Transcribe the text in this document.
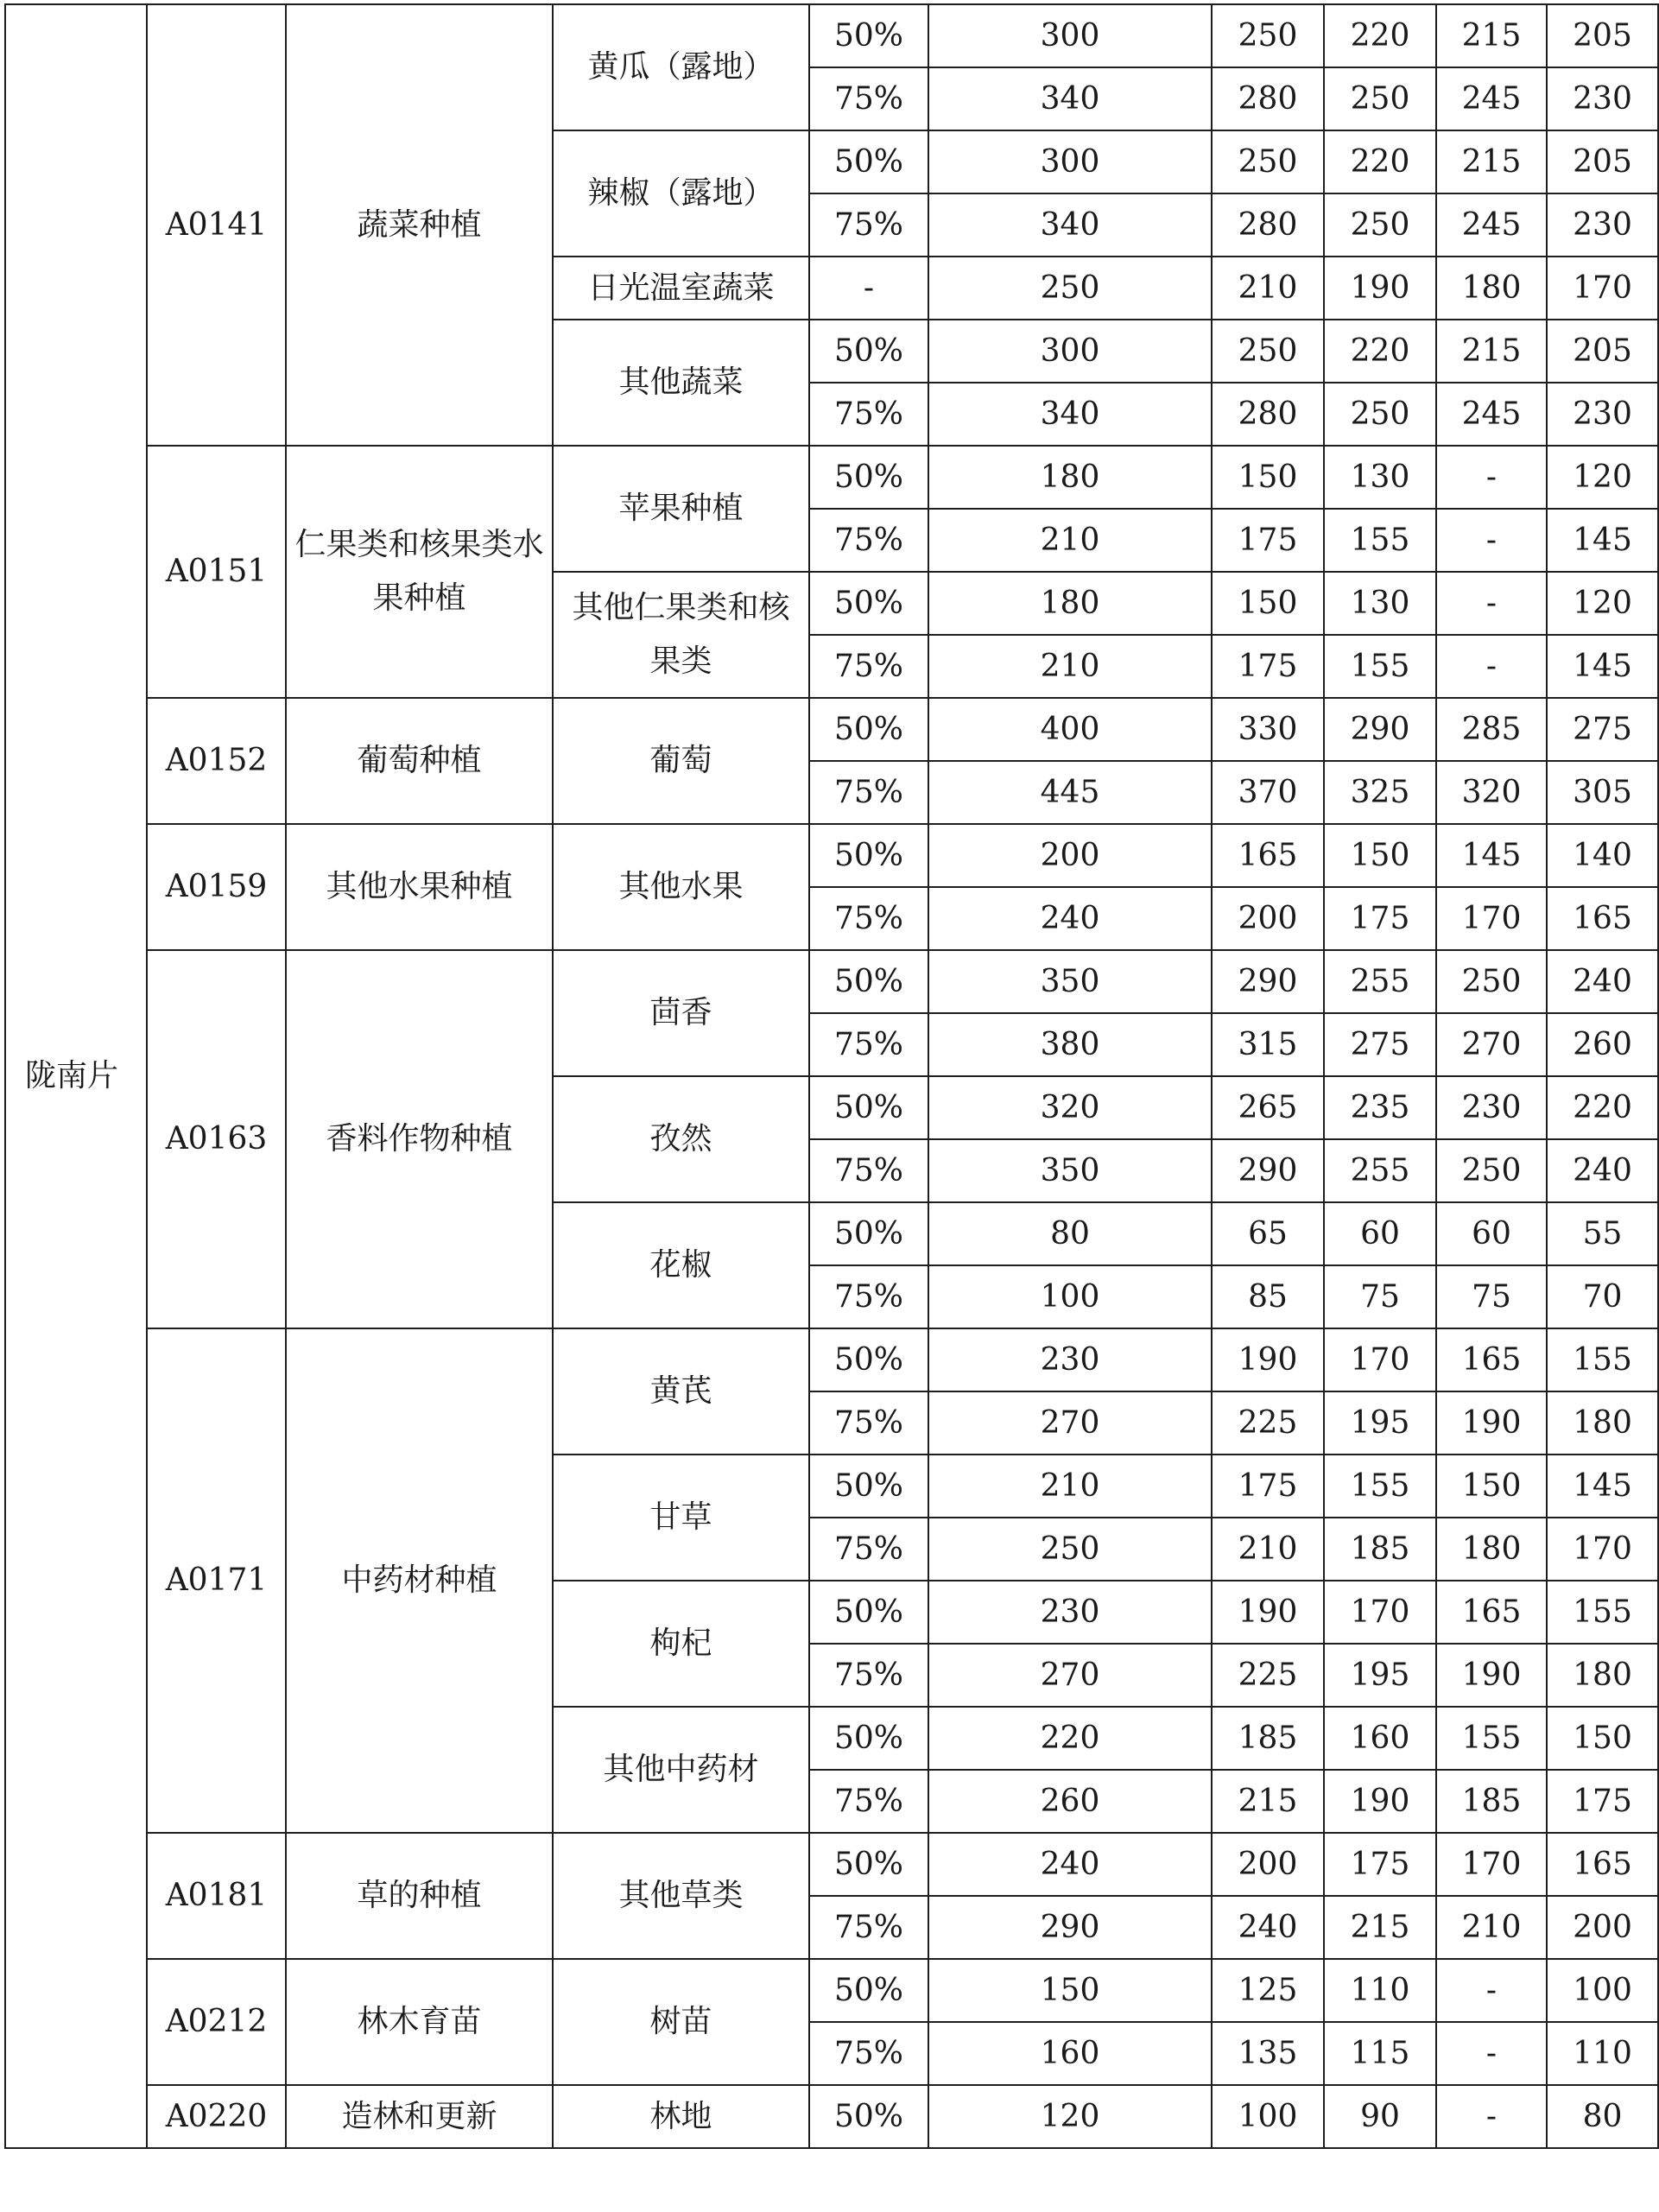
陇南片	A0141	蔬菜种植	黄瓜（露地）	50%	300	250	220	215	205
				75%	340	280	250	245	230
			辣椒（露地）	50%	300	250	220	215	205
				75%	340	280	250	245	230
			日光温室蔬菜	-	250	210	190	180	170
			其他蔬菜	50%	300	250	220	215	205
				75%	340	280	250	245	230
	A0151	仁果类和核果类水果种植	苹果种植	50%	180	150	130	-	120
				75%	210	175	155	-	145
			其他仁果类和核果类	50%	180	150	130	-	120
				75%	210	175	155	-	145
	A0152	葡萄种植	葡萄	50%	400	330	290	285	275
				75%	445	370	325	320	305
	A0159	其他水果种植	其他水果	50%	200	165	150	145	140
				75%	240	200	175	170	165
	A0163	香料作物种植	茴香	50%	350	290	255	250	240
				75%	380	315	275	270	260
			孜然	50%	320	265	235	230	220
				75%	350	290	255	250	240
			花椒	50%	80	65	60	60	55
				75%	100	85	75	75	70
	A0171	中药材种植	黄芪	50%	230	190	170	165	155
				75%	270	225	195	190	180
			甘草	50%	210	175	155	150	145
				75%	250	210	185	180	170
			枸杞	50%	230	190	170	165	155
				75%	270	225	195	190	180
			其他中药材	50%	220	185	160	155	150
				75%	260	215	190	185	175
	A0181	草的种植	其他草类	50%	240	200	175	170	165
				75%	290	240	215	210	200
	A0212	林木育苗	树苗	50%	150	125	110	-	100
				75%	160	135	115	-	110
	A0220	造林和更新	林地	50%	120	100	90	-	80
